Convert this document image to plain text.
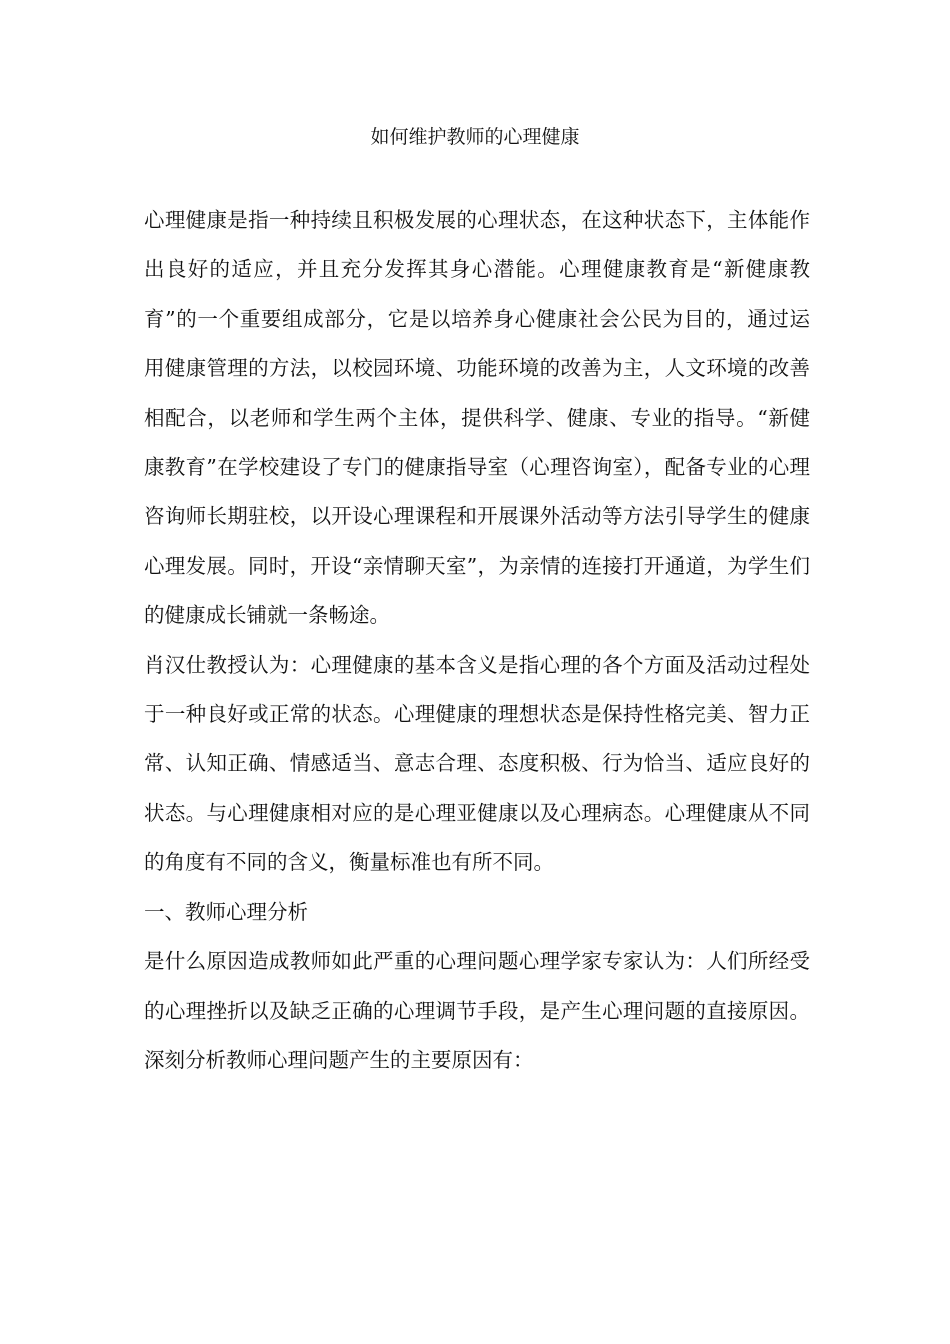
如何维护教师的心理健康

心理健康是指一种持续且积极发展的心理状态，在这种状态下，主体能作出良好的适应，并且充分发挥其身心潜能。心理健康教育是“新健康教育”的一个重要组成部分，它是以培养身心健康社会公民为目的，通过运用健康管理的方法，以校园环境、功能环境的改善为主，人文环境的改善相配合，以老师和学生两个主体，提供科学、健康、专业的指导。“新健康教育”在学校建设了专门的健康指导室（心理咨询室），配备专业的心理咨询师长期驻校，以开设心理课程和开展课外活动等方法引导学生的健康心理发展。同时，开设“亲情聊天室”，为亲情的连接打开通道，为学生们的健康成长铺就一条畅途。

肖汉仕教授认为：心理健康的基本含义是指心理的各个方面及活动过程处于一种良好或正常的状态。心理健康的理想状态是保持性格完美、智力正常、认知正确、情感适当、意志合理、态度积极、行为恰当、适应良好的状态。与心理健康相对应的是心理亚健康以及心理病态。心理健康从不同的角度有不同的含义，衡量标准也有所不同。

一、教师心理分析

是什么原因造成教师如此严重的心理问题心理学家专家认为：人们所经受的心理挫折以及缺乏正确的心理调节手段，是产生心理问题的直接原因。深刻分析教师心理问题产生的主要原因有：
